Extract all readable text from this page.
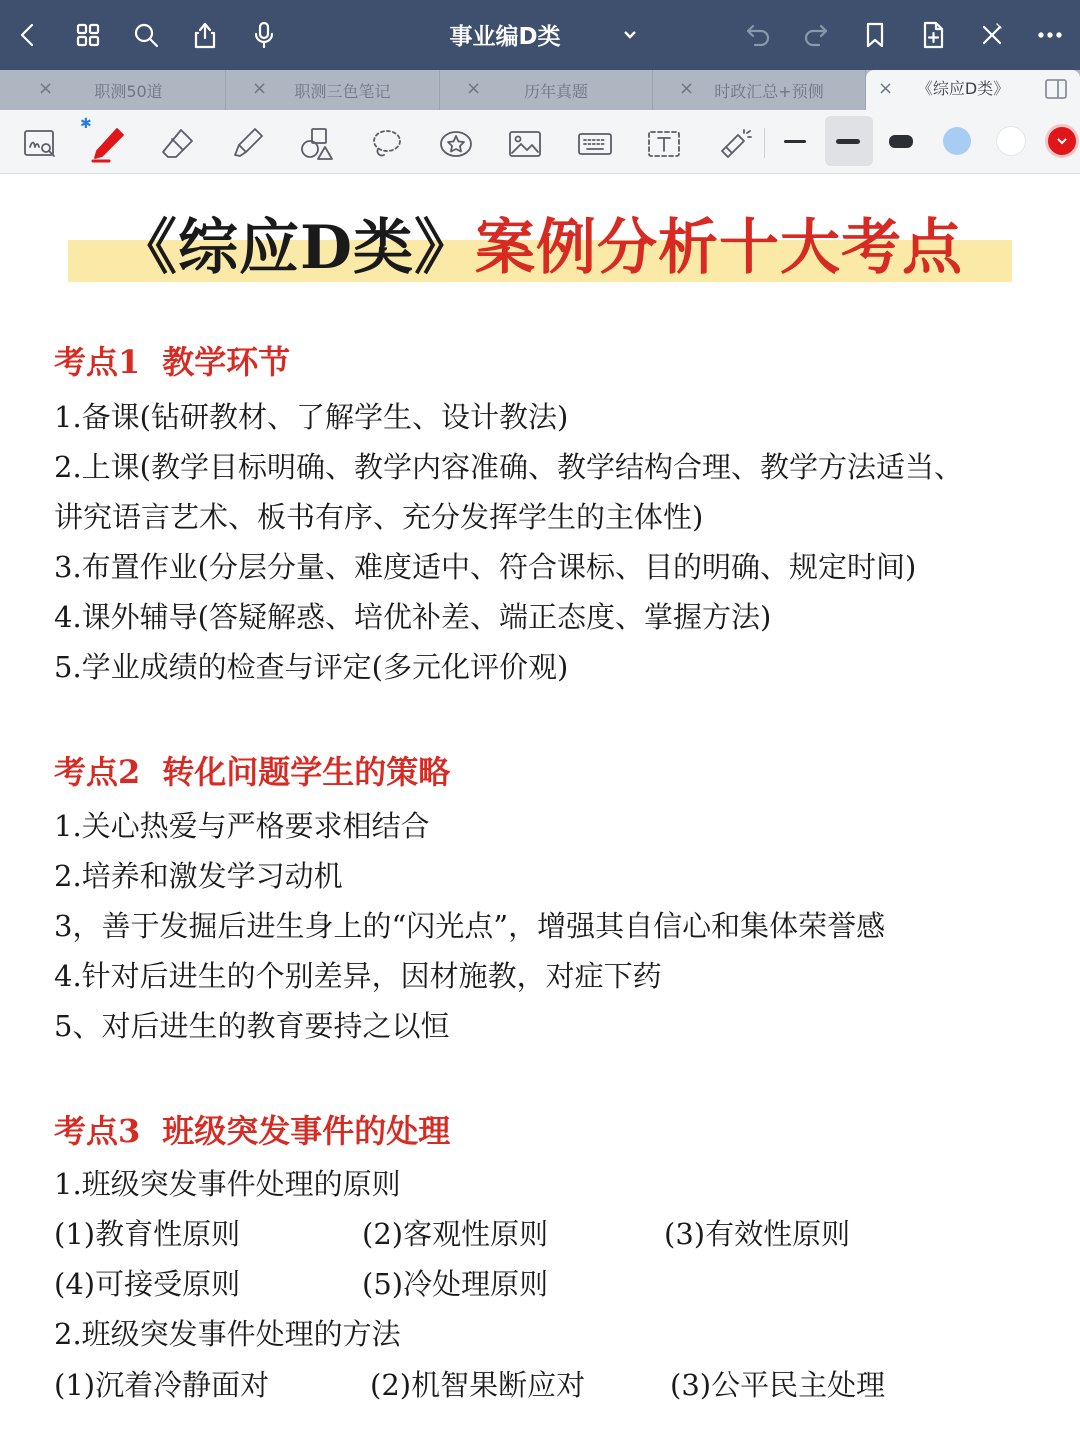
事业编D类
×	职测50道	×	职测三色笔记	×	历年真题	×	时政汇总+预侧	×	《综应D类》
✱
《综应D类》案例分析十大考点
考点1 教学环节
1.备课(钻研教材、了解学生、设计教法)
2.上课(教学目标明确、教学内容准确、教学结构合理、教学方法适当、
讲究语言艺术、板书有序、充分发挥学生的主体性)
3.布置作业(分层分量、难度适中、符合课标、目的明确、规定时间)
4.课外辅导(答疑解惑、培优补差、端正态度、掌握方法)
5.学业成绩的检查与评定(多元化评价观)
考点2 转化问题学生的策略
1.关心热爱与严格要求相结合
2.培养和激发学习动机
3，善于发掘后进生身上的“闪光点”，增强其自信心和集体荣誉感
4.针对后进生的个别差异，因材施教，对症下药
5、对后进生的教育要持之以恒
考点3 班级突发事件的处理
1.班级突发事件处理的原则
(1)教育性原则	(2)客观性原则	(3)有效性原则
(4)可接受原则	(5)冷处理原则
2.班级突发事件处理的方法
(1)沉着冷静面对	(2)机智果断应对	(3)公平民主处理
